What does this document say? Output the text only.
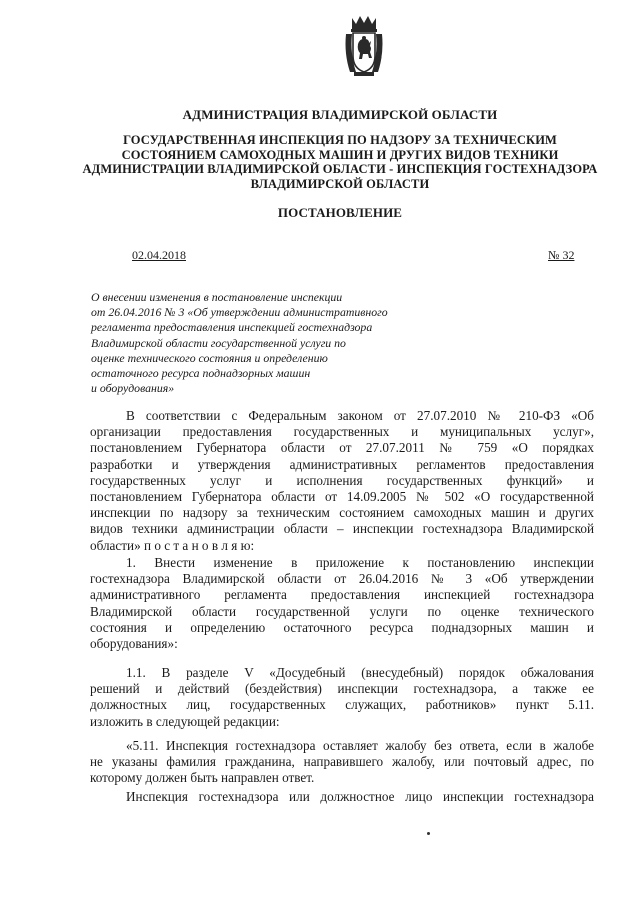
АДМИНИСТРАЦИЯ ВЛАДИМИРСКОЙ ОБЛАСТИ
ГОСУДАРСТВЕННАЯ ИНСПЕКЦИЯ ПО НАДЗОРУ ЗА ТЕХНИЧЕСКИМ
СОСТОЯНИЕМ САМОХОДНЫХ МАШИН И ДРУГИХ ВИДОВ ТЕХНИКИ
АДМИНИСТРАЦИИ ВЛАДИМИРСКОЙ ОБЛАСТИ - ИНСПЕКЦИЯ ГОСТЕХНАДЗОРА
ВЛАДИМИРСКОЙ ОБЛАСТИ
ПОСТАНОВЛЕНИЕ
02.04.2018	№ 32
О внесении изменения в постановление инспекции
от 26.04.2016 № 3 «Об утверждении административного
регламента предоставления инспекцией гостехнадзора
Владимирской области государственной услуги по
оценке технического состояния и определению
остаточного ресурса поднадзорных машин
и оборудования»
В соответствии с Федеральным законом от 27.07.2010 № 210-ФЗ «Об
организации предоставления государственных и муниципальных услуг»,
постановлением Губернатора области от 27.07.2011 № 759 «О порядках
разработки и утверждения административных регламентов предоставления
государственных услуг и исполнения государственных функций» и
постановлением Губернатора области от 14.09.2005 № 502 «О государственной
инспекции по надзору за техническим состоянием самоходных машин и других
видов техники администрации области – инспекции гостехнадзора Владимирской
области» п о с т а н о в л я ю:
1. Внести изменение в приложение к постановлению инспекции
гостехнадзора Владимирской области от 26.04.2016 № 3 «Об утверждении
административного регламента предоставления инспекцией гостехнадзора
Владимирской области государственной услуги по оценке технического
состояния и определению остаточного ресурса поднадзорных машин и
оборудования»:
1.1. В разделе V «Досудебный (внесудебный) порядок обжалования
решений и действий (бездействия) инспекции гостехнадзора, а также ее
должностных лиц, государственных служащих, работников» пункт 5.11.
изложить в следующей редакции:
«5.11. Инспекция гостехнадзора оставляет жалобу без ответа, если в жалобе
не указаны фамилия гражданина, направившего жалобу, или почтовый адрес, по
которому должен быть направлен ответ.
Инспекция гостехнадзора или должностное лицо инспекции гостехнадзора
